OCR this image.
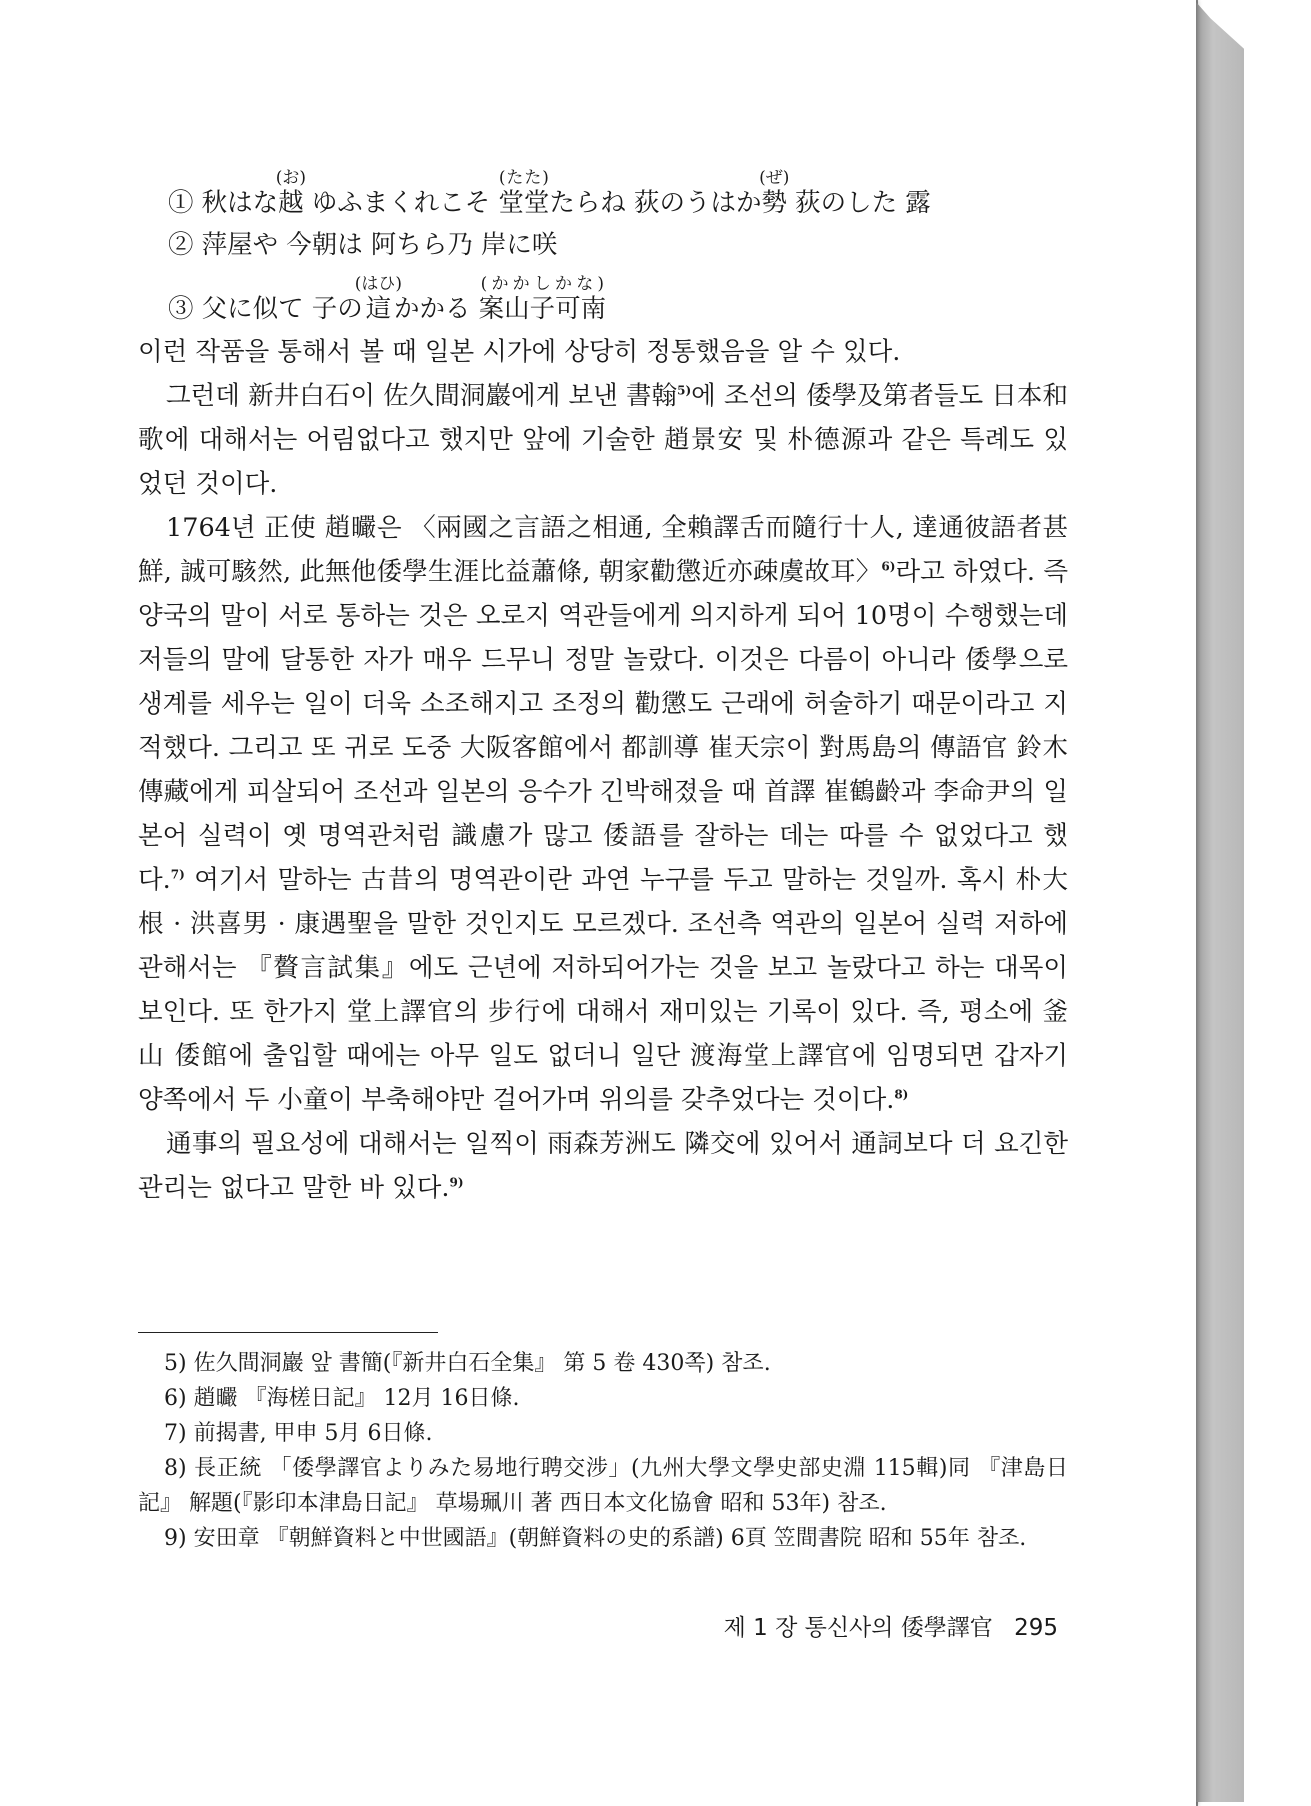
① 秋はな越(お) ゆふまくれこそ 堂堂(たた)たらね 荻のうはか勢(ぜ) 荻のした 露
② 萍屋や 今朝は 阿ちら乃 岸に咲
③ 父に似て 子の這(はひ)かかる 案山子可南(かかしかな)

이런 작품을 통해서 볼 때 일본 시가에 상당히 정통했음을 알 수 있다.

그런데 新井白石이 佐久間洞巖에게 보낸 書翰$^{5)}$에 조선의 倭學及第者들도 日本和歌에 대해서는 어림없다고 했지만 앞에 기술한 趙景安 및 朴德源과 같은 특례도 있었던 것이다.

1764년 正使 趙曮은 〈兩國之言語之相通, 全賴譯舌而隨行十人, 達通彼語者甚鮮, 誠可駭然, 此無他倭學生涯比益蕭條, 朝家勸懲近亦疎虞故耳〉$^{6)}$라고 하였다. 즉 양국의 말이 서로 통하는 것은 오로지 역관들에게 의지하게 되어 10명이 수행했는데 저들의 말에 달통한 자가 매우 드무니 정말 놀랐다. 이것은 다름이 아니라 倭學으로 생계를 세우는 일이 더욱 소조해지고 조정의 勸懲도 근래에 허술하기 때문이라고 지적했다. 그리고 또 귀로 도중 大阪客館에서 都訓導 崔天宗이 對馬島의 傳語官 鈴木傳藏에게 피살되어 조선과 일본의 응수가 긴박해졌을 때 首譯 崔鶴齡과 李命尹의 일본어 실력이 옛 명역관처럼 識慮가 많고 倭語를 잘하는 데는 따를 수 없었다고 했다.$^{7)}$ 여기서 말하는 古昔의 명역관이란 과연 누구를 두고 말하는 것일까. 혹시 朴大根 · 洪喜男 · 康遇聖을 말한 것인지도 모르겠다. 조선측 역관의 일본어 실력 저하에 관해서는 『贅言試集』에도 근년에 저하되어가는 것을 보고 놀랐다고 하는 대목이 보인다. 또 한가지 堂上譯官의 步行에 대해서 재미있는 기록이 있다. 즉, 평소에 釜山 倭館에 출입할 때에는 아무 일도 없더니 일단 渡海堂上譯官에 임명되면 갑자기 양쪽에서 두 小童이 부축해야만 걸어가며 위의를 갖추었다는 것이다.$^{8)}$

通事의 필요성에 대해서는 일찍이 雨森芳洲도 隣交에 있어서 通詞보다 더 요긴한 관리는 없다고 말한 바 있다.$^{9)}$

5) 佐久間洞巖 앞 書簡(『新井白石全集』 第 5 卷 430쪽) 참조.

6) 趙曮 『海槎日記』 12月 16日條.

7) 前揭書, 甲申 5月 6日條.

8) 長正統 「倭學譯官よりみた易地行聘交涉」(九州大學文學史部史淵 115輯)同 『津島日記』 解題(『影印本津島日記』 草場珮川 著 西日本文化協會 昭和 53年) 참조.

9) 安田章 『朝鮮資料と中世國語』(朝鮮資料の史的系譜) 6頁 笠間書院 昭和 55年 참조.

제 1 장 통신사의 倭學譯官 295
